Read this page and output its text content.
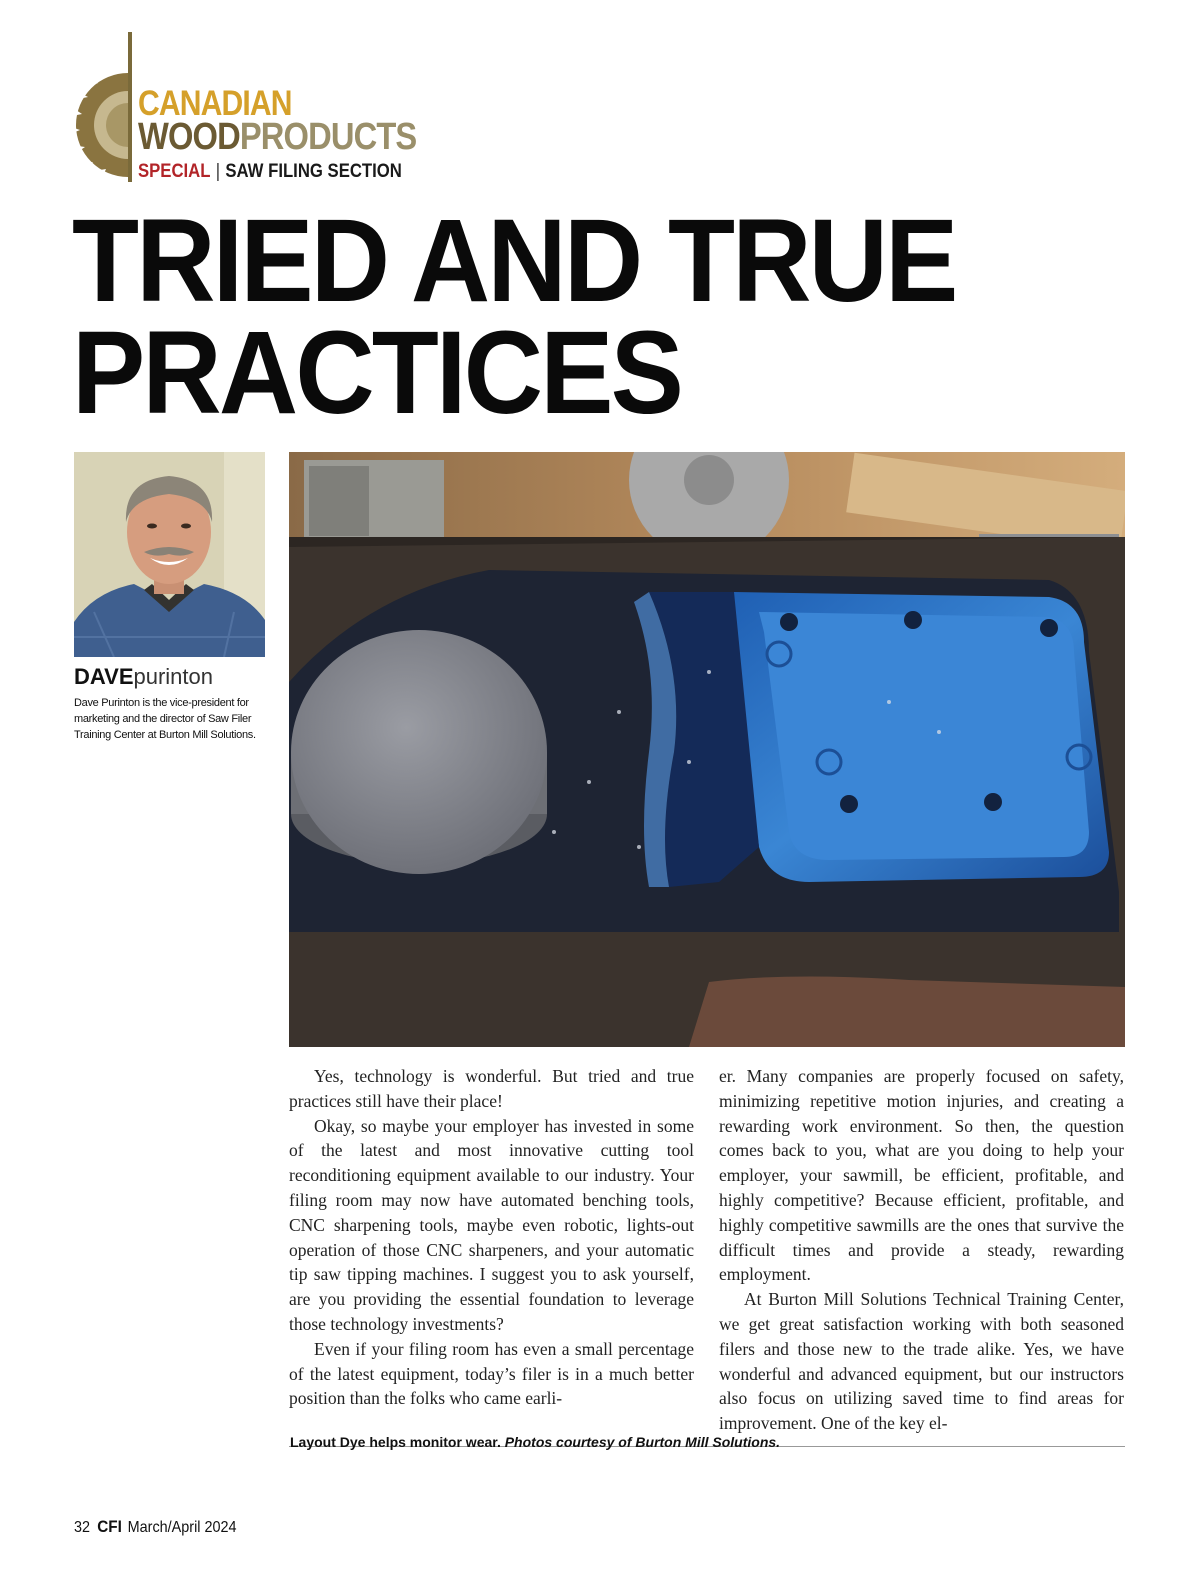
CANADIAN
WOODPRODUCTS
SPECIAL | SAW FILING SECTION
TRIED AND TRUE
PRACTICES
DAVEpurinton

Dave Purinton is the vice-president for marketing and the director of Saw Filer Training Center at Burton Mill Solutions.

Yes, technology is wonderful. But tried and true practices still have their place!

Okay, so maybe your employer has invested in some of the latest and most innovative cutting tool reconditioning equipment available to our industry. Your filing room may now have automated benching tools, CNC sharpening tools, maybe even robotic, lights-out operation of those CNC sharpeners, and your automatic tip saw tipping machines. I suggest you to ask yourself, are you providing the essential foundation to leverage those technology investments?

Even if your filing room has even a small percentage of the latest equipment, today’s filer is in a much better position than the folks who came earli-

er. Many companies are properly focused on safety, minimizing repetitive motion injuries, and creating a rewarding work environment. So then, the question comes back to you, what are you doing to help your employer, your sawmill, be efficient, profitable, and highly competitive? Because efficient, profitable, and highly competitive sawmills are the ones that survive the difficult times and provide a steady, rewarding employment.

At Burton Mill Solutions Technical Training Center, we get great satisfaction working with both seasoned filers and those new to the trade alike. Yes, we have wonderful and advanced equipment, but our instructors also focus on utilizing saved time to find areas for improvement. One of the key el-

Layout Dye helps monitor wear. Photos courtesy of Burton Mill Solutions.
32 CFI March/April 2024
